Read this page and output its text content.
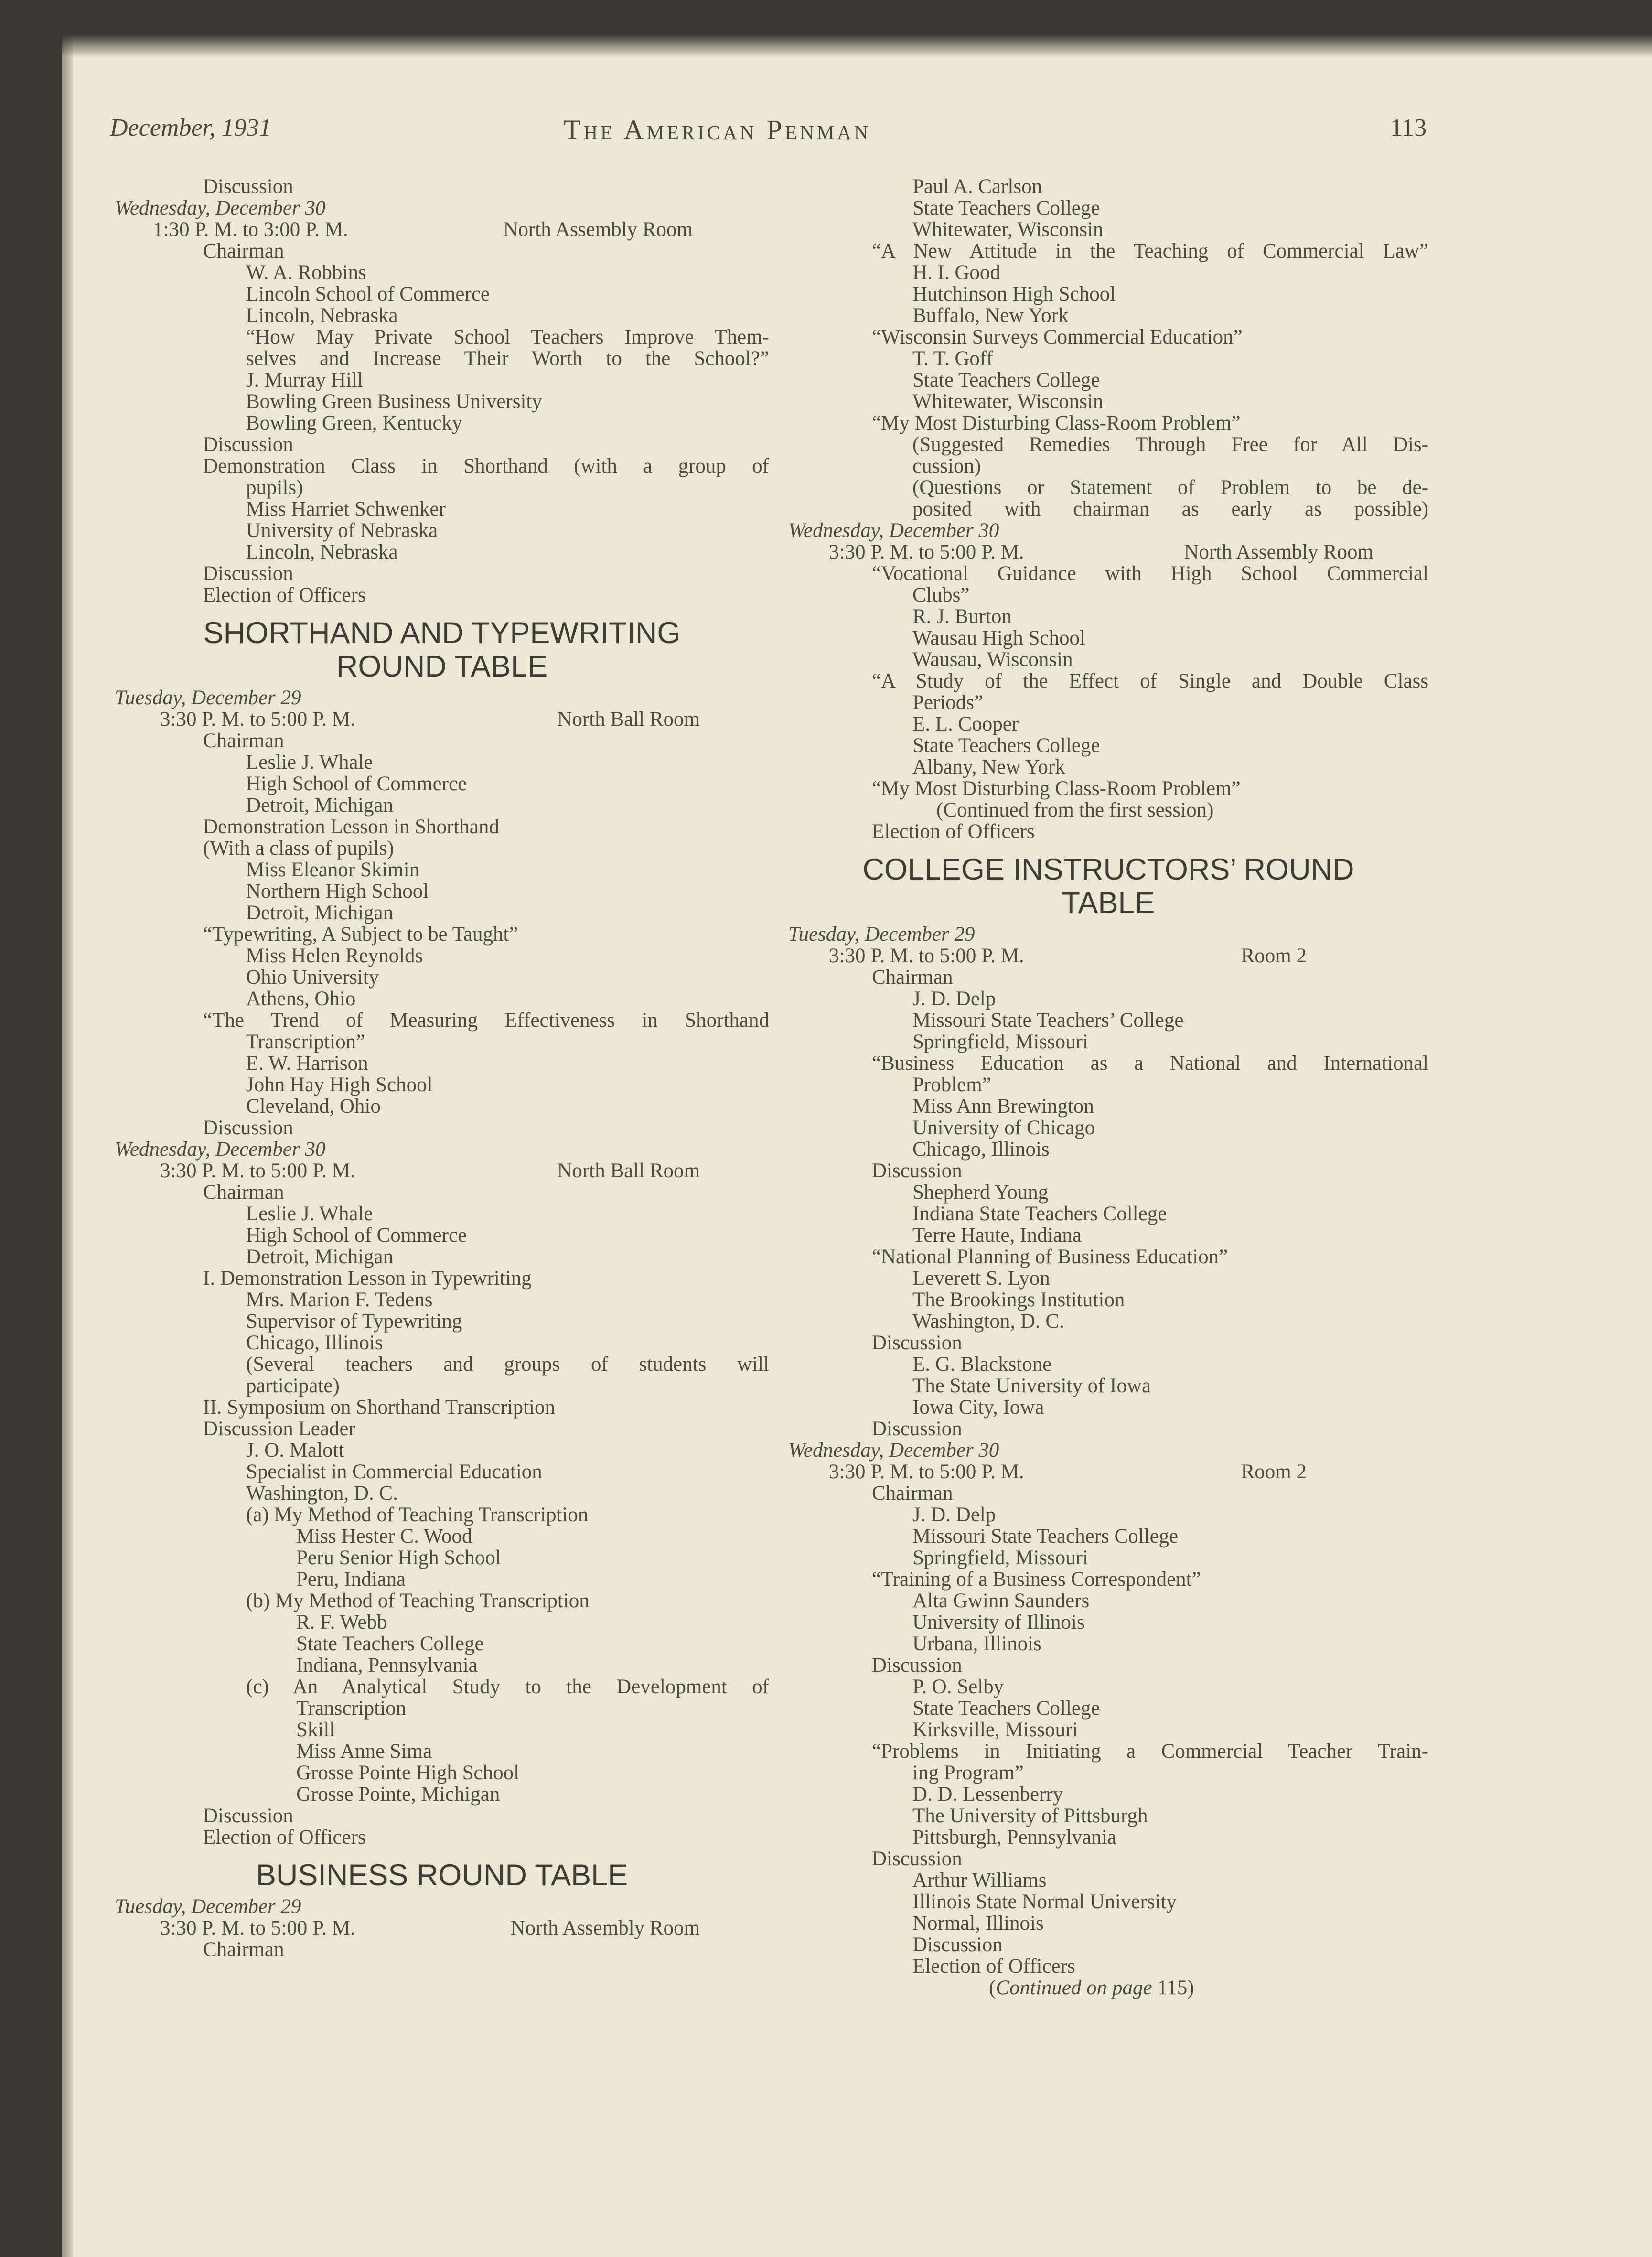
December, 1931	The American Penman	113
Discussion
Wednesday, December 30
1:30 P. M. to 3:00 P. M.	North Assembly Room
Chairman
W. A. Robbins
Lincoln School of Commerce
Lincoln, Nebraska
“How May Private School Teachers Improve Them-
selves and Increase Their Worth to the School?”
J. Murray Hill
Bowling Green Business University
Bowling Green, Kentucky
Discussion
Demonstration Class in Shorthand (with a group of
pupils)
Miss Harriet Schwenker
University of Nebraska
Lincoln, Nebraska
Discussion
Election of Officers
SHORTHAND AND TYPEWRITING
ROUND TABLE
Tuesday, December 29
3:30 P. M. to 5:00 P. M.	North Ball Room
Chairman
Leslie J. Whale
High School of Commerce
Detroit, Michigan
Demonstration Lesson in Shorthand
(With a class of pupils)
Miss Eleanor Skimin
Northern High School
Detroit, Michigan
“Typewriting, A Subject to be Taught”
Miss Helen Reynolds
Ohio University
Athens, Ohio
“The Trend of Measuring Effectiveness in Shorthand
Transcription”
E. W. Harrison
John Hay High School
Cleveland, Ohio
Discussion
Wednesday, December 30
3:30 P. M. to 5:00 P. M.	North Ball Room
Chairman
Leslie J. Whale
High School of Commerce
Detroit, Michigan
I. Demonstration Lesson in Typewriting
Mrs. Marion F. Tedens
Supervisor of Typewriting
Chicago, Illinois
(Several teachers and groups of students will
participate)
II. Symposium on Shorthand Transcription
Discussion Leader
J. O. Malott
Specialist in Commercial Education
Washington, D. C.
(a) My Method of Teaching Transcription
Miss Hester C. Wood
Peru Senior High School
Peru, Indiana
(b) My Method of Teaching Transcription
R. F. Webb
State Teachers College
Indiana, Pennsylvania
(c) An Analytical Study to the Development of
Transcription
Skill
Miss Anne Sima
Grosse Pointe High School
Grosse Pointe, Michigan
Discussion
Election of Officers
BUSINESS ROUND TABLE
Tuesday, December 29
3:30 P. M. to 5:00 P. M.	North Assembly Room
Chairman
Paul A. Carlson
State Teachers College
Whitewater, Wisconsin
“A New Attitude in the Teaching of Commercial Law”
H. I. Good
Hutchinson High School
Buffalo, New York
“Wisconsin Surveys Commercial Education”
T. T. Goff
State Teachers College
Whitewater, Wisconsin
“My Most Disturbing Class-Room Problem”
(Suggested Remedies Through Free for All Dis-
cussion)
(Questions or Statement of Problem to be de-
posited with chairman as early as possible)
Wednesday, December 30
3:30 P. M. to 5:00 P. M.	North Assembly Room
“Vocational Guidance with High School Commercial
Clubs”
R. J. Burton
Wausau High School
Wausau, Wisconsin
“A Study of the Effect of Single and Double Class
Periods”
E. L. Cooper
State Teachers College
Albany, New York
“My Most Disturbing Class-Room Problem”
(Continued from the first session)
Election of Officers
COLLEGE INSTRUCTORS’ ROUND
TABLE
Tuesday, December 29
3:30 P. M. to 5:00 P. M.	Room 2
Chairman
J. D. Delp
Missouri State Teachers’ College
Springfield, Missouri
“Business Education as a National and International
Problem”
Miss Ann Brewington
University of Chicago
Chicago, Illinois
Discussion
Shepherd Young
Indiana State Teachers College
Terre Haute, Indiana
“National Planning of Business Education”
Leverett S. Lyon
The Brookings Institution
Washington, D. C.
Discussion
E. G. Blackstone
The State University of Iowa
Iowa City, Iowa
Discussion
Wednesday, December 30
3:30 P. M. to 5:00 P. M.	Room 2
Chairman
J. D. Delp
Missouri State Teachers College
Springfield, Missouri
“Training of a Business Correspondent”
Alta Gwinn Saunders
University of Illinois
Urbana, Illinois
Discussion
P. O. Selby
State Teachers College
Kirksville, Missouri
“Problems in Initiating a Commercial Teacher Train-
ing Program”
D. D. Lessenberry
The University of Pittsburgh
Pittsburgh, Pennsylvania
Discussion
Arthur Williams
Illinois State Normal University
Normal, Illinois
Discussion
Election of Officers
(Continued on page 115)
